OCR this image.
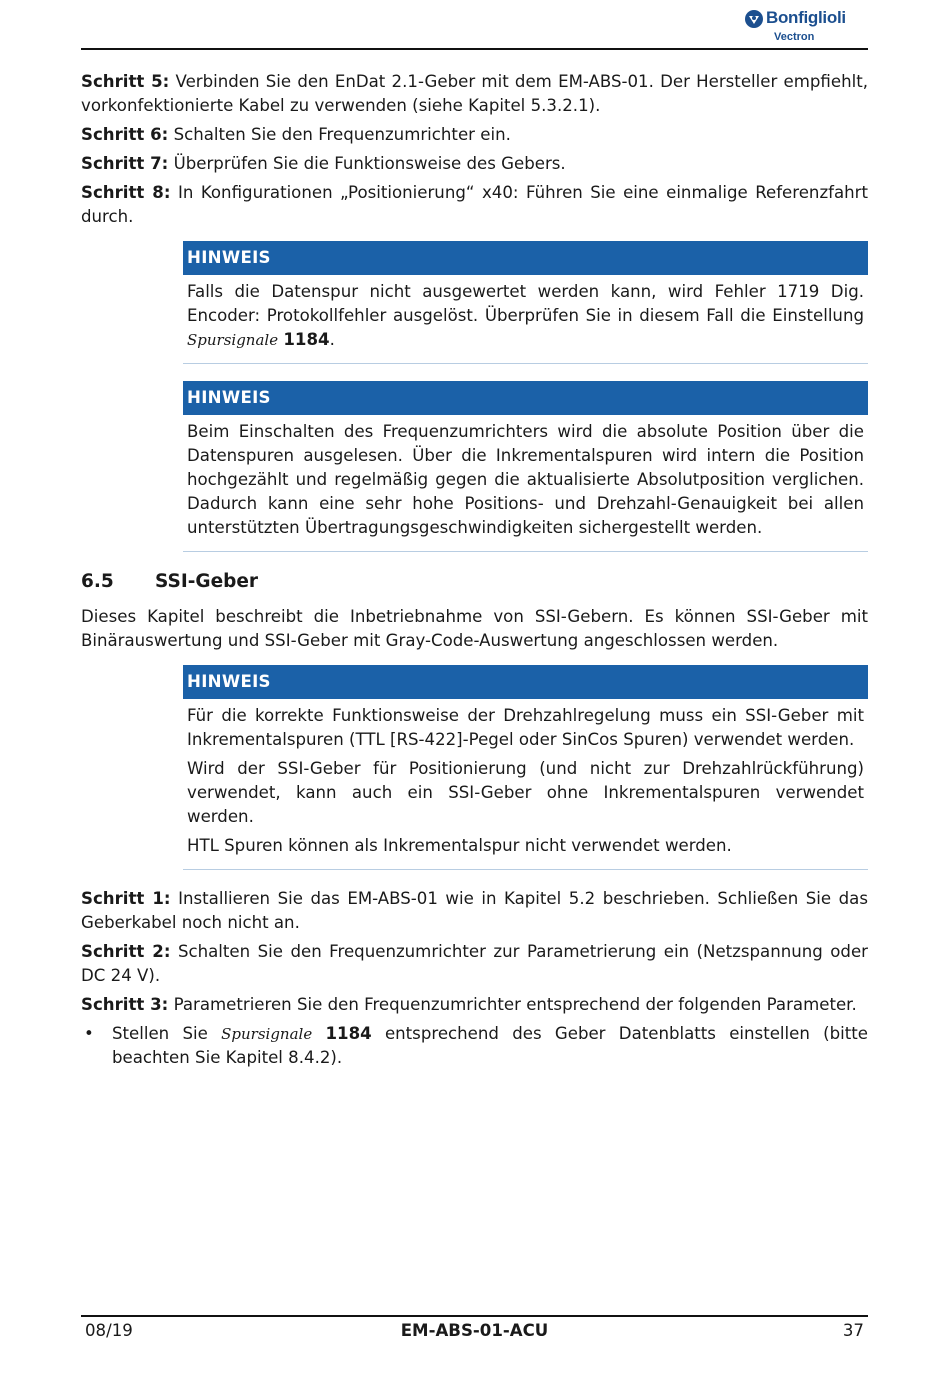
Bonfiglioli
Vectron

Schritt 5: Verbinden Sie den EnDat 2.1-Geber mit dem EM-ABS-01. Der Hersteller empfiehlt, vorkonfektionierte Kabel zu verwenden (siehe Kapitel 5.3.2.1).

Schritt 6: Schalten Sie den Frequenzumrichter ein.

Schritt 7: Überprüfen Sie die Funktionsweise des Gebers.

Schritt 8: In Konfigurationen „Positionierung“ x40: Führen Sie eine einmalige Referenzfahrt durch.

HINWEIS

Falls die Datenspur nicht ausgewertet werden kann, wird Fehler 1719 Dig. Encoder: Protokollfehler ausgelöst. Überprüfen Sie in diesem Fall die Einstellung Spursignale 1184.

HINWEIS

Beim Einschalten des Frequenzumrichters wird die absolute Position über die Datenspuren ausgelesen. Über die Inkrementalspuren wird intern die Position hochgezählt und regelmäßig gegen die aktualisierte Absolutposition verglichen. Dadurch kann eine sehr hohe Positions- und Drehzahl-Genauigkeit bei allen unterstützten Übertragungsgeschwindigkeiten sichergestellt werden.

6.5 SSI-Geber

Dieses Kapitel beschreibt die Inbetriebnahme von SSI-Gebern. Es können SSI-Geber mit Binärauswertung und SSI-Geber mit Gray-Code-Auswertung angeschlossen werden.

HINWEIS

Für die korrekte Funktionsweise der Drehzahlregelung muss ein SSI-Geber mit Inkrementalspuren (TTL [RS-422]-Pegel oder SinCos Spuren) verwendet werden.

Wird der SSI-Geber für Positionierung (und nicht zur Drehzahlrückführung) verwendet, kann auch ein SSI-Geber ohne Inkrementalspuren verwendet werden.

HTL Spuren können als Inkrementalspur nicht verwendet werden.

Schritt 1: Installieren Sie das EM-ABS-01 wie in Kapitel 5.2 beschrieben. Schließen Sie das Geberkabel noch nicht an.

Schritt 2: Schalten Sie den Frequenzumrichter zur Parametrierung ein (Netzspannung oder DC 24 V).

Schritt 3: Parametrieren Sie den Frequenzumrichter entsprechend der folgenden Parameter.

• Stellen Sie Spursignale 1184 entsprechend des Geber Datenblatts einstellen (bitte beachten Sie Kapitel 8.4.2).
08/19	EM-ABS-01-ACU	37
